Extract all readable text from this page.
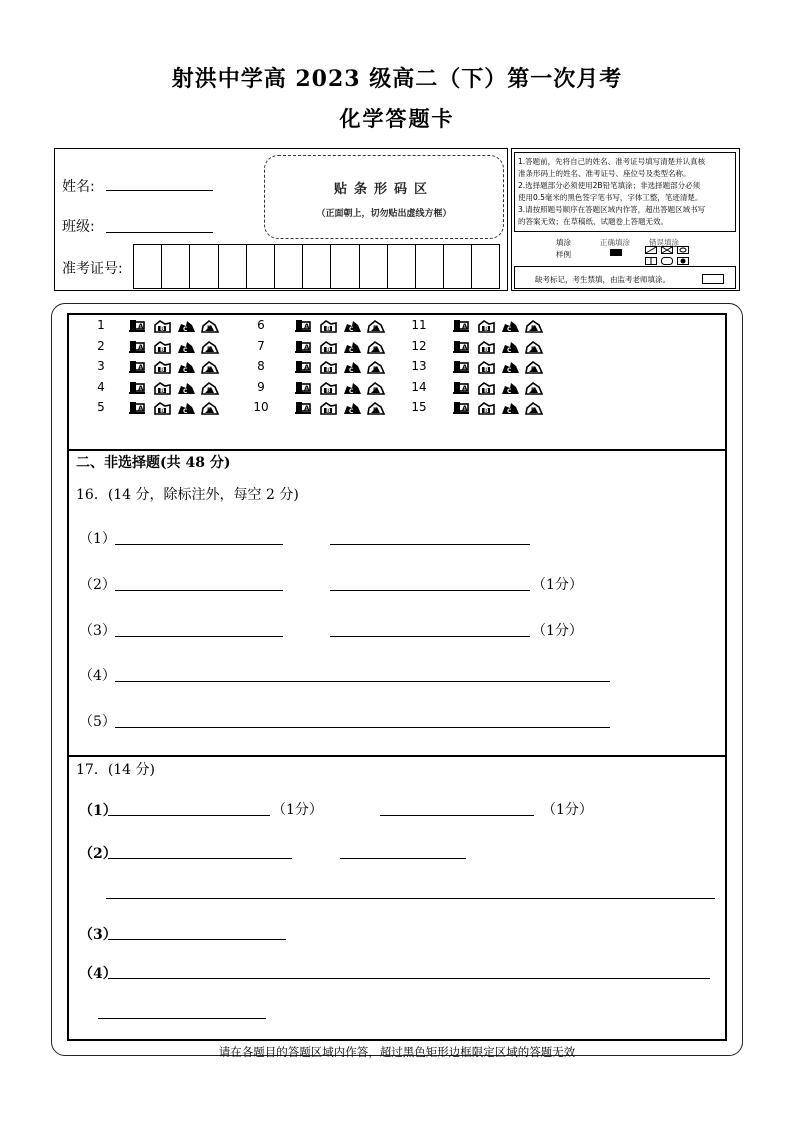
射洪中学高 2023 级高二（下）第一次月考
化学答题卡
姓名:
班级:
准考证号:
贴条形码区
（正面朝上，切勿贴出虚线方框）
1.答题前，先将自己的姓名、准考证号填写清楚并认真核
准条形码上的姓名、准考证号、座位号及类型名称。
2.选择题部分必须使用2B铅笔填涂；非选择题部分必须
使用0.5毫米的黑色签字笔书写，字体工整，笔迹清楚。
3.请按照题号顺序在答题区域内作答，超出答题区域书写
的答案无效；在草稿纸、试题卷上答题无效。
填涂
样例
正确填涂	错误填涂
缺考标记，考生禁填，由监考老师填涂。
1
2
3
4
5
6
7
8
9
10
11
12
13
14
15
二、非选择题(共 48 分)
16．(14 分，除标注外，每空 2 分)
（1）
（2）	（1分）
（3）	（1分）
（4）
（5）
17．(14 分)
（1）	（1分）	（1分）
（2）
（3）
（4）
请在各题目的答题区域内作答，超过黑色矩形边框限定区域的答题无效
